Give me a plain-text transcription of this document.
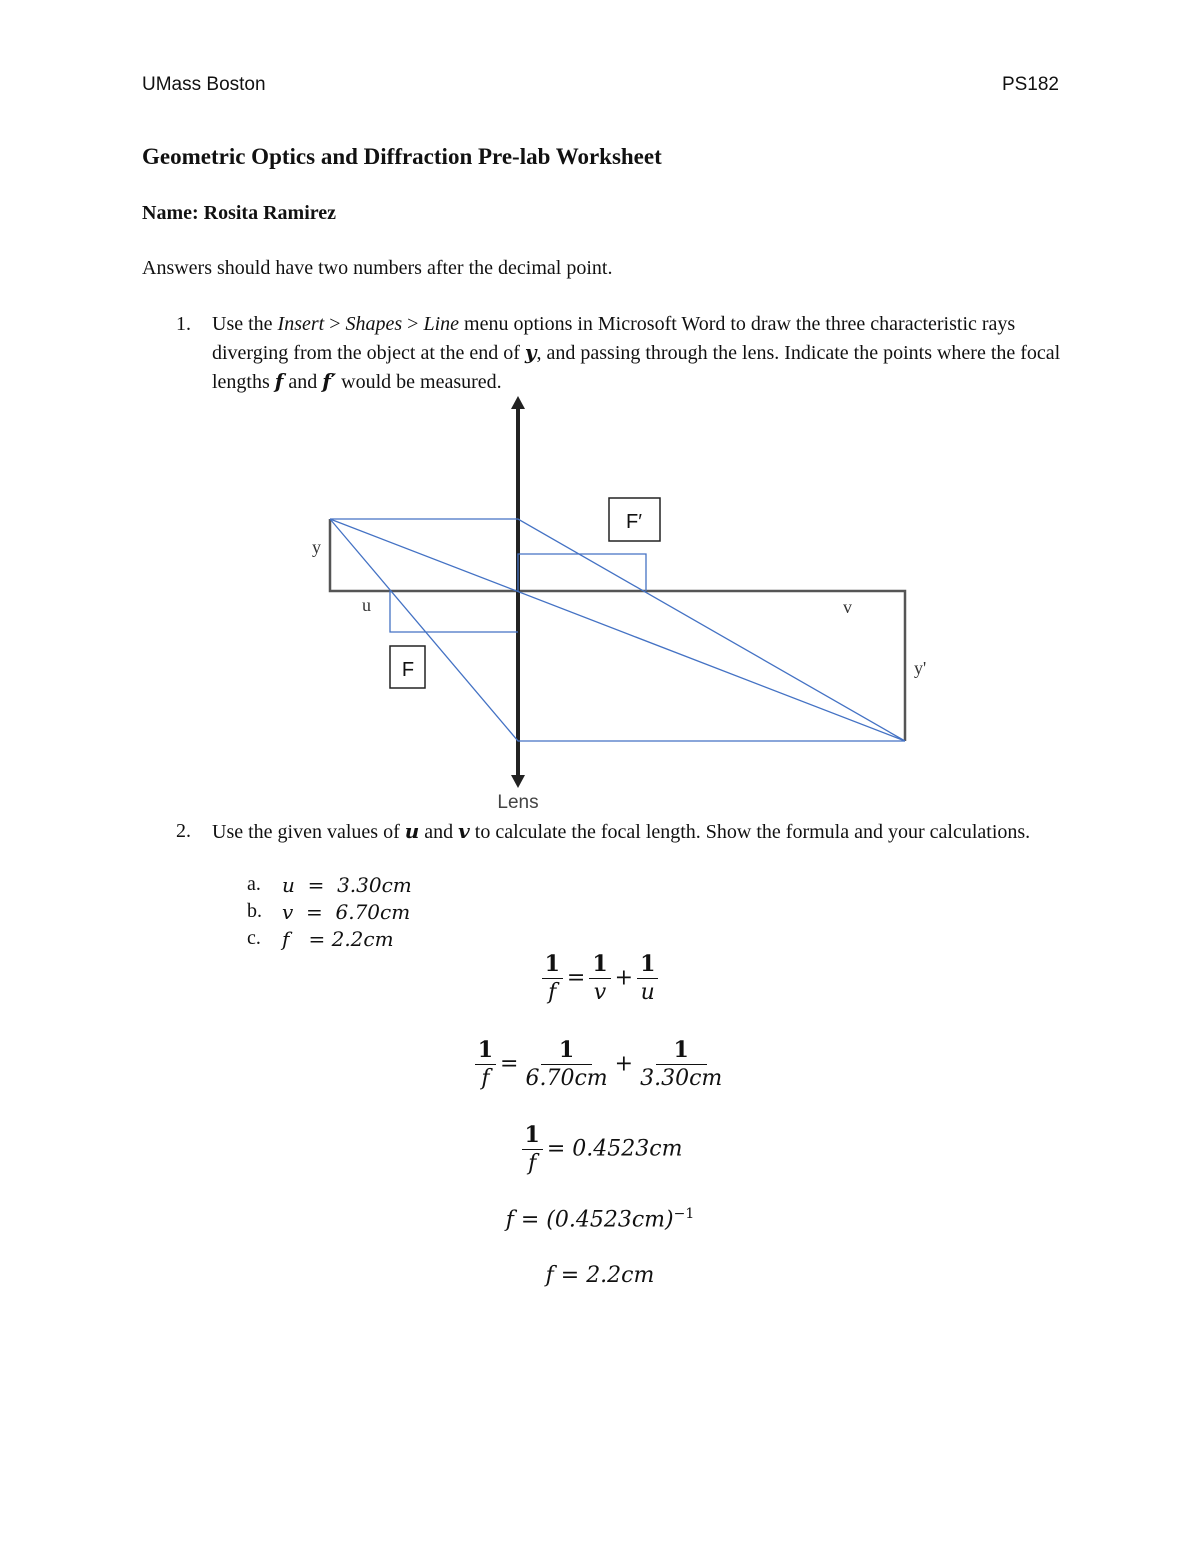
UMass Boston	PS182
Geometric Optics and Diffraction Pre-lab Worksheet
Name: Rosita Ramirez
Answers should have two numbers after the decimal point.
1. Use the Insert > Shapes > Line menu options in Microsoft Word to draw the three characteristic rays diverging from the object at the end of y, and passing through the lens. Indicate the points where the focal lengths f and f′ would be measured.
F′
F
y
u	v
y'
Lens
2. Use the given values of u and v to calculate the focal length. Show the formula and your calculations.
a. u  =  3.30cm
b. v  =  6.70cm
c. f   = 2.2cm
$\frac{1}{f} = \frac{1}{v} + \frac{1}{u}$
$\frac{1}{f} = \frac{1}{6.70cm} + \frac{1}{3.30cm}$
$\frac{1}{f} = 0.4523cm$
$f = (0.4523cm)^{-1}$
f = 2.2cm
